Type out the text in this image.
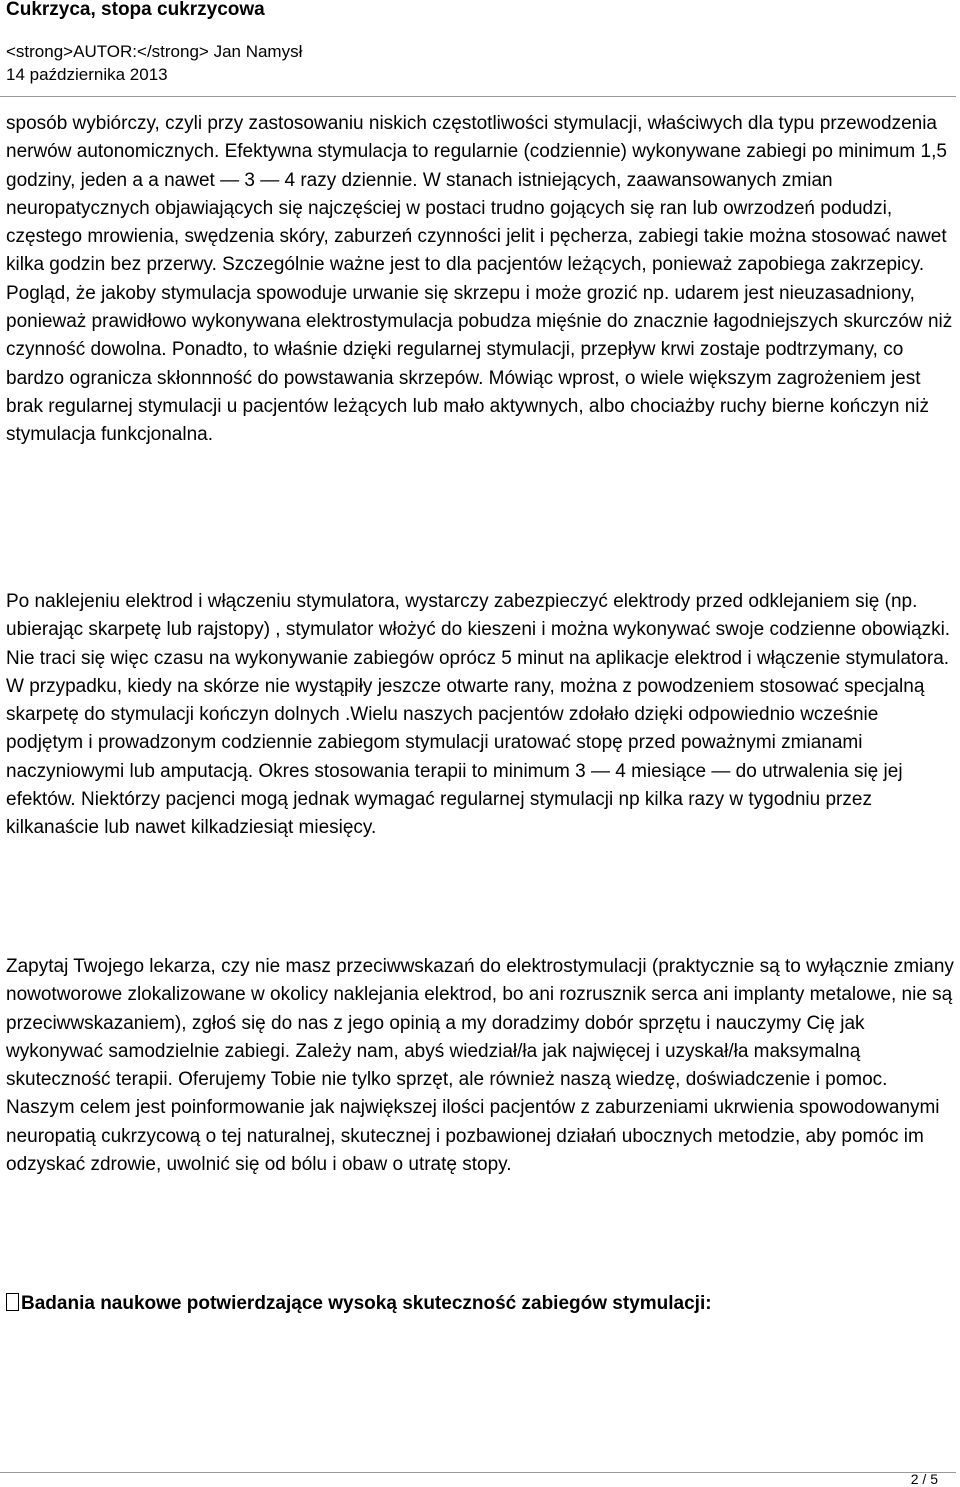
Cukrzyca, stopa cukrzycowa
<strong>AUTOR:</strong> Jan Namysł
14 października 2013

sposób wybiórczy, czyli przy zastosowaniu niskich częstotliwości stymulacji, właściwych dla typu przewodzenia nerwów autonomicznych. Efektywna stymulacja to regularnie (codziennie) wykonywane zabiegi po minimum 1,5 godziny, jeden a a nawet — 3 — 4 razy dziennie. W stanach istniejących, zaawansowanych zmian neuropatycznych objawiających się najczęściej w postaci trudno gojących się ran lub owrzodzeń podudzi, częstego mrowienia, swędzenia skóry, zaburzeń czynności jelit i pęcherza, zabiegi takie można stosować nawet kilka godzin bez przerwy. Szczególnie ważne jest to dla pacjentów leżących, ponieważ zapobiega zakrzepicy. Pogląd, że jakoby stymulacja spowoduje urwanie się skrzepu i może grozić np. udarem jest nieuzasadniony, ponieważ prawidłowo wykonywana elektrostymulacja pobudza mięśnie do znacznie łagodniejszych skurczów niż czynność dowolna. Ponadto, to właśnie dzięki regularnej stymulacji, przepływ krwi zostaje podtrzymany, co bardzo ogranicza skłonnność do powstawania skrzepów. Mówiąc wprost, o wiele większym zagrożeniem jest brak regularnej stymulacji u pacjentów leżących lub mało aktywnych, albo chociażby ruchy bierne kończyn niż stymulacja funkcjonalna.

Po naklejeniu elektrod i włączeniu stymulatora, wystarczy zabezpieczyć elektrody przed odklejaniem się (np. ubierając skarpetę lub rajstopy) , stymulator włożyć do kieszeni i można wykonywać swoje codzienne obowiązki. Nie traci się więc czasu na wykonywanie zabiegów oprócz 5 minut na aplikacje elektrod i włączenie stymulatora. W przypadku, kiedy na skórze nie wystąpiły jeszcze otwarte rany, można z powodzeniem stosować specjalną skarpetę do stymulacji kończyn dolnych .Wielu naszych pacjentów zdołało dzięki odpowiednio wcześnie podjętym i prowadzonym codziennie zabiegom stymulacji uratować stopę przed poważnymi zmianami naczyniowymi lub amputacją. Okres stosowania terapii to minimum 3 — 4 miesiące — do utrwalenia się jej efektów. Niektórzy pacjenci mogą jednak wymagać regularnej stymulacji np kilka razy w tygodniu przez kilkanaście lub nawet kilkadziesiąt miesięcy.

Zapytaj Twojego lekarza, czy nie masz przeciwwskazań do elektrostymulacji (praktycznie są to wyłącznie zmiany nowotworowe zlokalizowane w okolicy naklejania elektrod, bo ani rozrusznik serca ani implanty metalowe, nie są przeciwwskazaniem), zgłoś się do nas z jego opinią a my doradzimy dobór sprzętu i nauczymy Cię jak wykonywać samodzielnie zabiegi. Zależy nam, abyś wiedział/ła jak najwięcej i uzyskał/ła maksymalną skuteczność terapii. Oferujemy Tobie nie tylko sprzęt, ale również naszą wiedzę, doświadczenie i pomoc. Naszym celem jest poinformowanie jak największej ilości pacjentów z zaburzeniami ukrwienia spowodowanymi neuropatią cukrzycową o tej naturalnej, skutecznej i pozbawionej działań ubocznych metodzie, aby pomóc im odzyskać zdrowie, uwolnić się od bólu i obaw o utratę stopy.

Badania naukowe potwierdzające wysoką skuteczność zabiegów stymulacji:
2 / 5
